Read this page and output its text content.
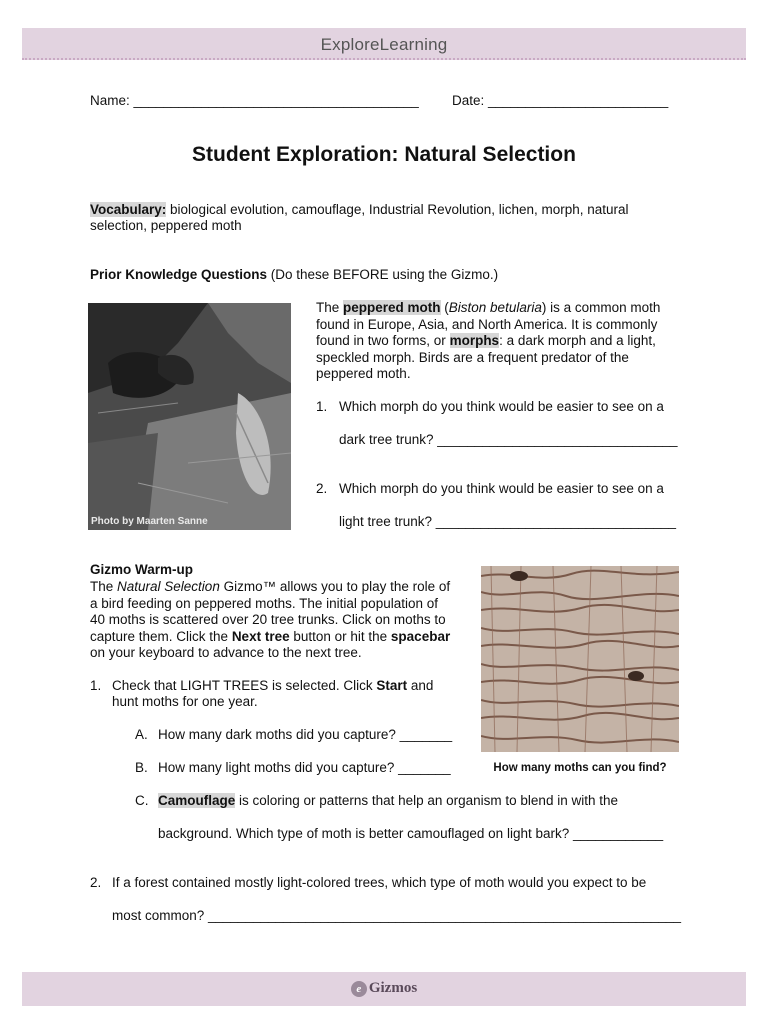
ExploreLearning
Name: ______________________________________ Date: ________________________
Student Exploration: Natural Selection
Vocabulary: biological evolution, camouflage, Industrial Revolution, lichen, morph, natural
selection, peppered moth
Prior Knowledge Questions (Do these BEFORE using the Gizmo.)
Photo by Maarten Sanne
The peppered moth (Biston betularia) is a common moth
found in Europe, Asia, and North America. It is commonly
found in two forms, or morphs: a dark morph and a light,
speckled morph. Birds are a frequent predator of the
peppered moth.
1. Which morph do you think would be easier to see on a
dark tree trunk? ________________________________
2. Which morph do you think would be easier to see on a
light tree trunk? ________________________________
Gizmo Warm-up
The Natural Selection Gizmo™ allows you to play the role of
a bird feeding on peppered moths. The initial population of
40 moths is scattered over 20 tree trunks. Click on moths to
capture them. Click the Next tree button or hit the spacebar
on your keyboard to advance to the next tree.
How many moths can you find?
1. Check that LIGHT TREES is selected. Click Start and
hunt moths for one year.
A. How many dark moths did you capture? _______
B. How many light moths did you capture? _______
C. Camouflage is coloring or patterns that help an organism to blend in with the
background. Which type of moth is better camouflaged on light bark? ____________
2. If a forest contained mostly light-colored trees, which type of moth would you expect to be
most common? _______________________________________________________________
e Gizmos
